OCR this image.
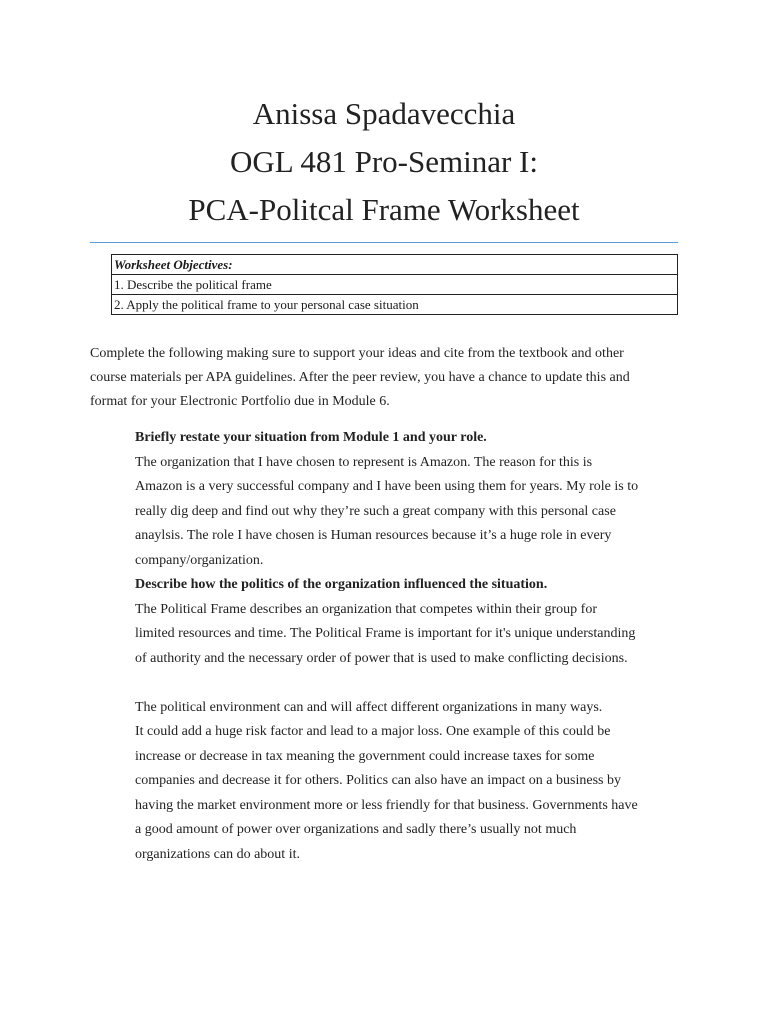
Anissa Spadavecchia
OGL 481 Pro-Seminar I:
PCA-Politcal Frame Worksheet
Worksheet Objectives:
1. Describe the political frame
2. Apply the political frame to your personal case situation
Complete the following making sure to support your ideas and cite from the textbook and other
course materials per APA guidelines. After the peer review, you have a chance to update this and
format for your Electronic Portfolio due in Module 6.
Briefly restate your situation from Module 1 and your role.
The organization that I have chosen to represent is Amazon. The reason for this is
Amazon is a very successful company and I have been using them for years. My role is to
really dig deep and find out why they’re such a great company with this personal case
anaylsis. The role I have chosen is Human resources because it’s a huge role in every
company/organization.
Describe how the politics of the organization influenced the situation.
The Political Frame describes an organization that competes within their group for
limited resources and time. The Political Frame is important for it's unique understanding
of authority and the necessary order of power that is used to make conflicting decisions.
The political environment can and will affect different organizations in many ways.
It could add a huge risk factor and lead to a major loss. One example of this could be
increase or decrease in tax meaning the government could increase taxes for some
companies and decrease it for others. Politics can also have an impact on a business by
having the market environment more or less friendly for that business. Governments have
a good amount of power over organizations and sadly there’s usually not much
organizations can do about it.
